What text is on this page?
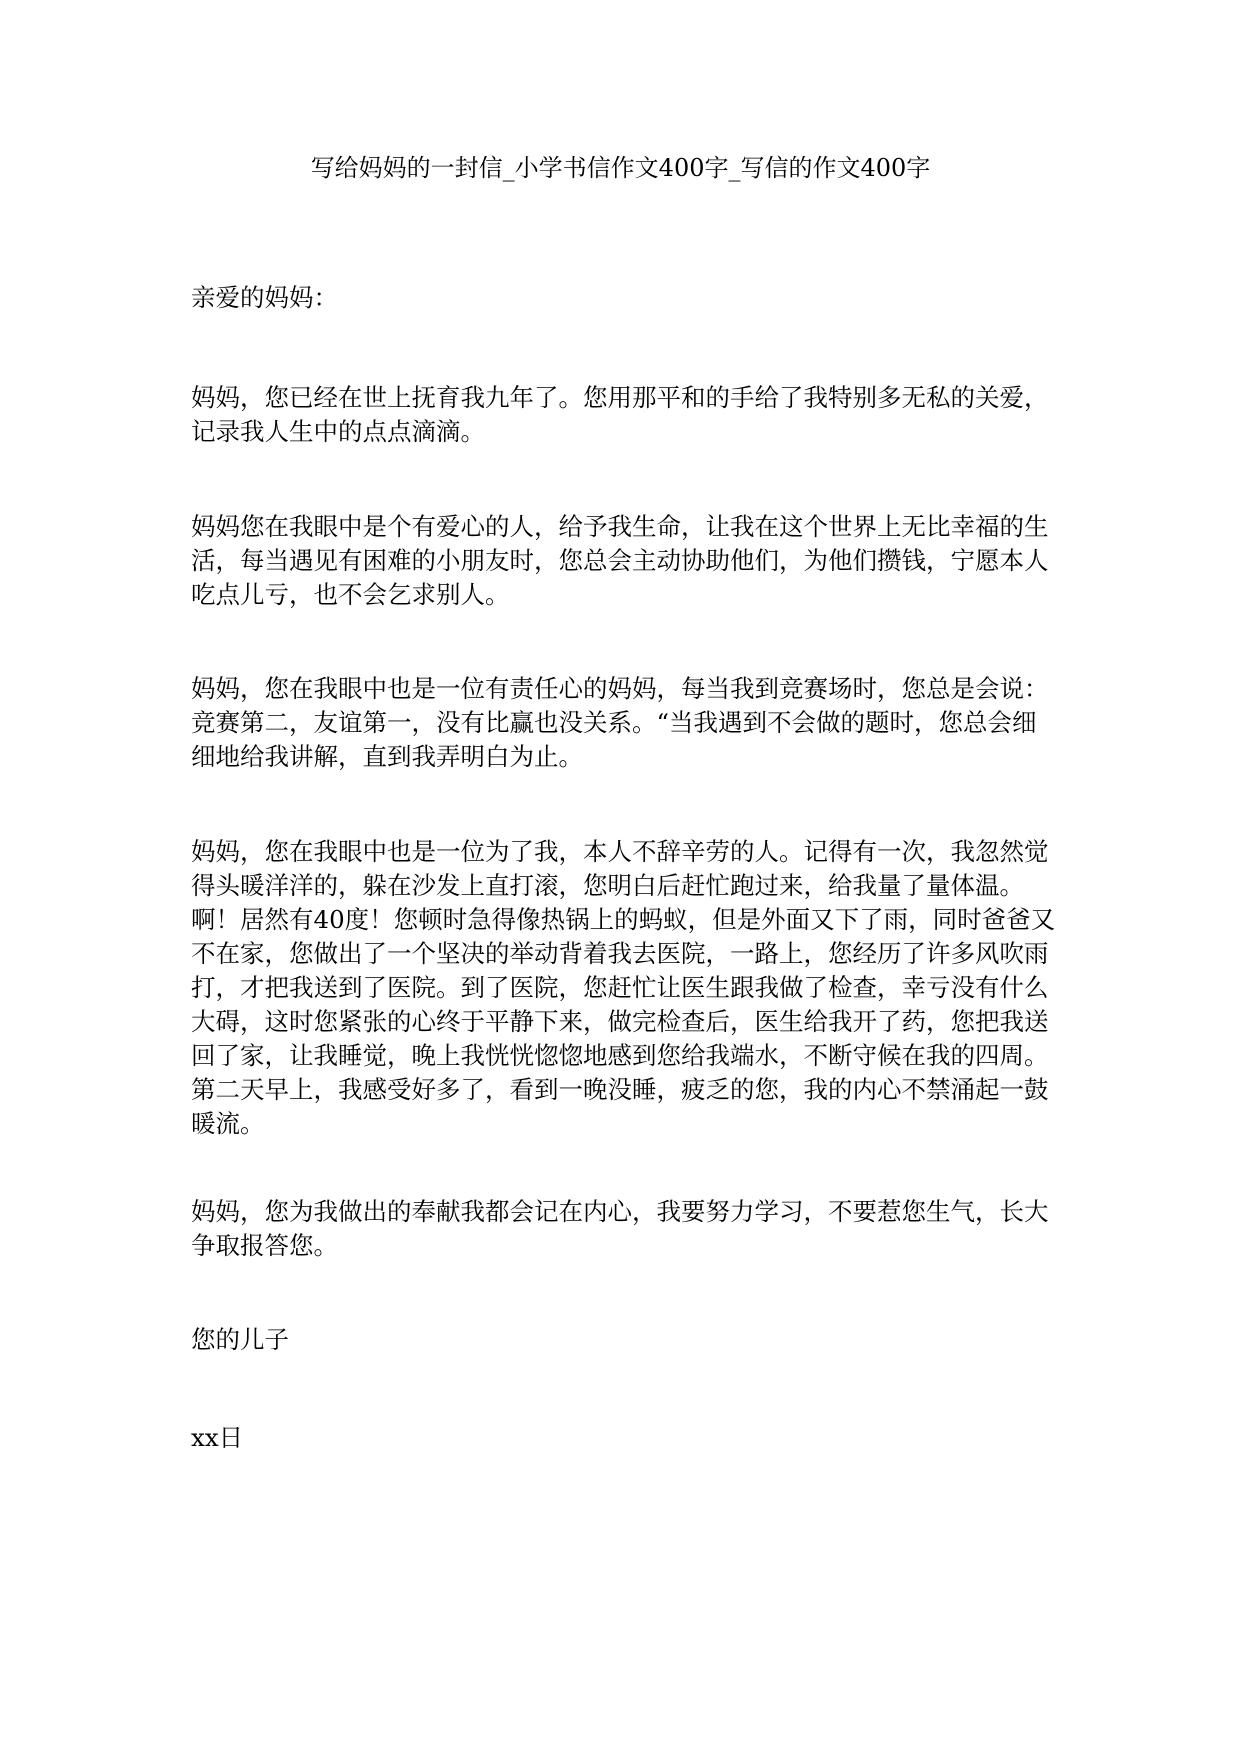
写给妈妈的一封信_小学书信作文400字_写信的作文400字

亲爱的妈妈：

妈妈，您已经在世上抚育我九年了。您用那平和的手给了我特别多无私的关爱，记录我人生中的点点滴滴。

妈妈您在我眼中是个有爱心的人，给予我生命，让我在这个世界上无比幸福的生活，每当遇见有困难的小朋友时，您总会主动协助他们，为他们攒钱，宁愿本人吃点儿亏，也不会乞求别人。

妈妈，您在我眼中也是一位有责任心的妈妈，每当我到竞赛场时，您总是会说：竞赛第二，友谊第一，没有比赢也没关系。“当我遇到不会做的题时，您总会细细地给我讲解，直到我弄明白为止。

妈妈，您在我眼中也是一位为了我，本人不辞辛劳的人。记得有一次，我忽然觉得头暖洋洋的，躲在沙发上直打滚，您明白后赶忙跑过来，给我量了量体温。啊！居然有40度！您顿时急得像热锅上的蚂蚁，但是外面又下了雨，同时爸爸又不在家，您做出了一个坚决的举动背着我去医院，一路上，您经历了许多风吹雨打，才把我送到了医院。到了医院，您赶忙让医生跟我做了检查，幸亏没有什么大碍，这时您紧张的心终于平静下来，做完检查后，医生给我开了药，您把我送回了家，让我睡觉，晚上我恍恍惚惚地感到您给我端水，不断守候在我的四周。第二天早上，我感受好多了，看到一晚没睡，疲乏的您，我的内心不禁涌起一鼓暖流。

妈妈，您为我做出的奉献我都会记在内心，我要努力学习，不要惹您生气，长大争取报答您。

您的儿子

xx日
